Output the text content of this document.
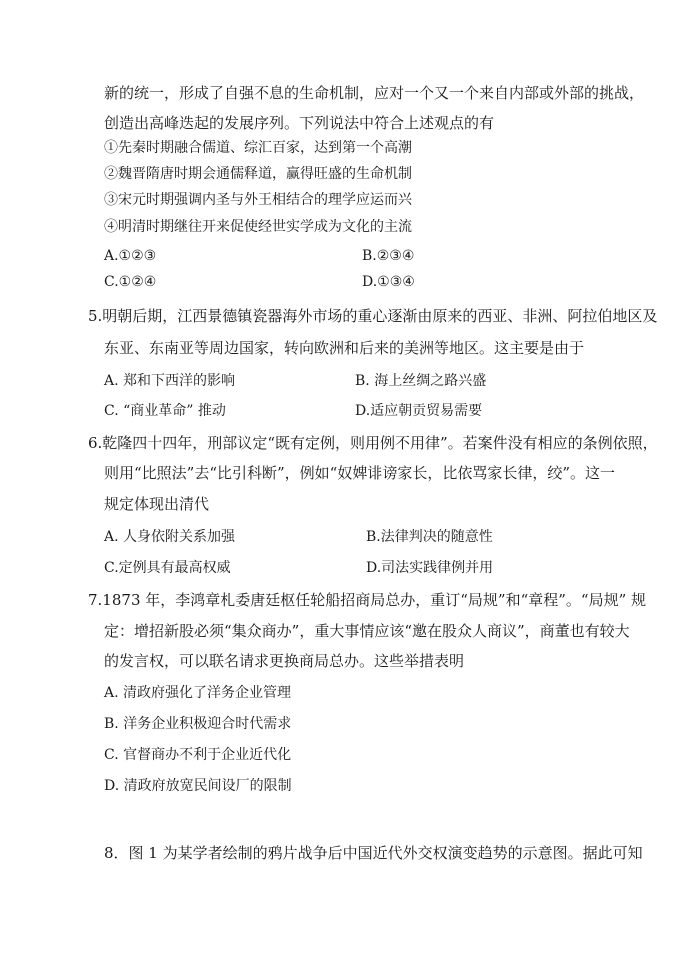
新的统一，形成了自强不息的生命机制，应对一个又一个来自内部或外部的挑战，
创造出高峰迭起的发展序列。下列说法中符合上述观点的有
①先秦时期融合儒道、综汇百家，达到第一个高潮
②魏晋隋唐时期会通儒释道，赢得旺盛的生命机制
③宋元时期强调内圣与外王相结合的理学应运而兴
④明清时期继往开来促使经世实学成为文化的主流
A.①②③	B.②③④
C.①②④	D.①③④
5.明朝后期，江西景德镇瓷器海外市场的重心逐渐由原来的西亚、非洲、阿拉伯地区及
东亚、东南亚等周边国家，转向欧洲和后来的美洲等地区。这主要是由于
A. 郑和下西洋的影响	B. 海上丝绸之路兴盛
C. “商业革命” 推动	D.适应朝贡贸易需要
6.乾隆四十四年，刑部议定“既有定例，则用例不用律”。若案件没有相应的条例依照，
则用“比照法”去“比引科断”，例如“奴婢诽谤家长，比依骂家长律，绞”。这一
规定体现出清代
A. 人身依附关系加强	B.法律判决的随意性
C.定例具有最高权威	D.司法实践律例并用
7.1873 年，李鸿章札委唐廷枢任轮船招商局总办，重订“局规”和“章程”。“局规” 规
定：增招新股必须“集众商办”，重大事情应该“邀在股众人商议”，商董也有较大
的发言权，可以联名请求更换商局总办。这些举措表明
A. 清政府强化了洋务企业管理
B. 洋务企业积极迎合时代需求
C. 官督商办不利于企业近代化
D. 清政府放宽民间设厂的限制
8．图 1 为某学者绘制的鸦片战争后中国近代外交权演变趋势的示意图。据此可知
